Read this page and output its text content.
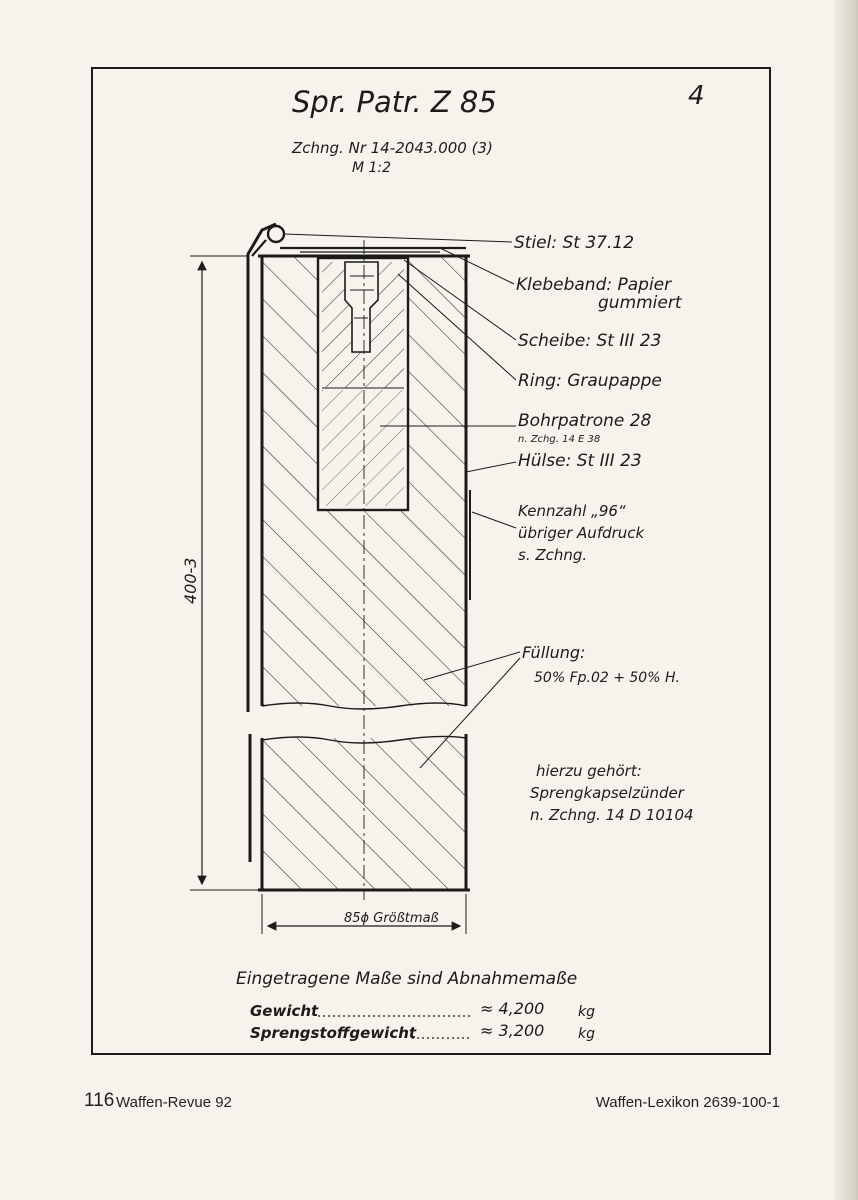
Spr. Patr. Z 85	4
Zchng. Nr 14-2043.000 (3)
M 1:2
400-3
85ϕ Größtmaß
Stiel: St 37.12
Klebeband: Papier
gummiert
Scheibe: St III 23
Ring: Graupappe
Bohrpatrone 28
n. Zchg. 14 E 38
Hülse: St III 23
Kennzahl „96“
übriger Aufdruck
s. Zchng.
Füllung:
50% Fp.02 + 50% H.
hierzu gehört:
Sprengkapselzünder
n. Zchng. 14 D 10104
Eingetragene Maße sind Abnahmemaße
Gewicht	≈ 4,200 kg
Sprengstoffgewicht	≈ 3,200 kg
116 Waffen-Revue 92	Waffen-Lexikon 2639-100-1
